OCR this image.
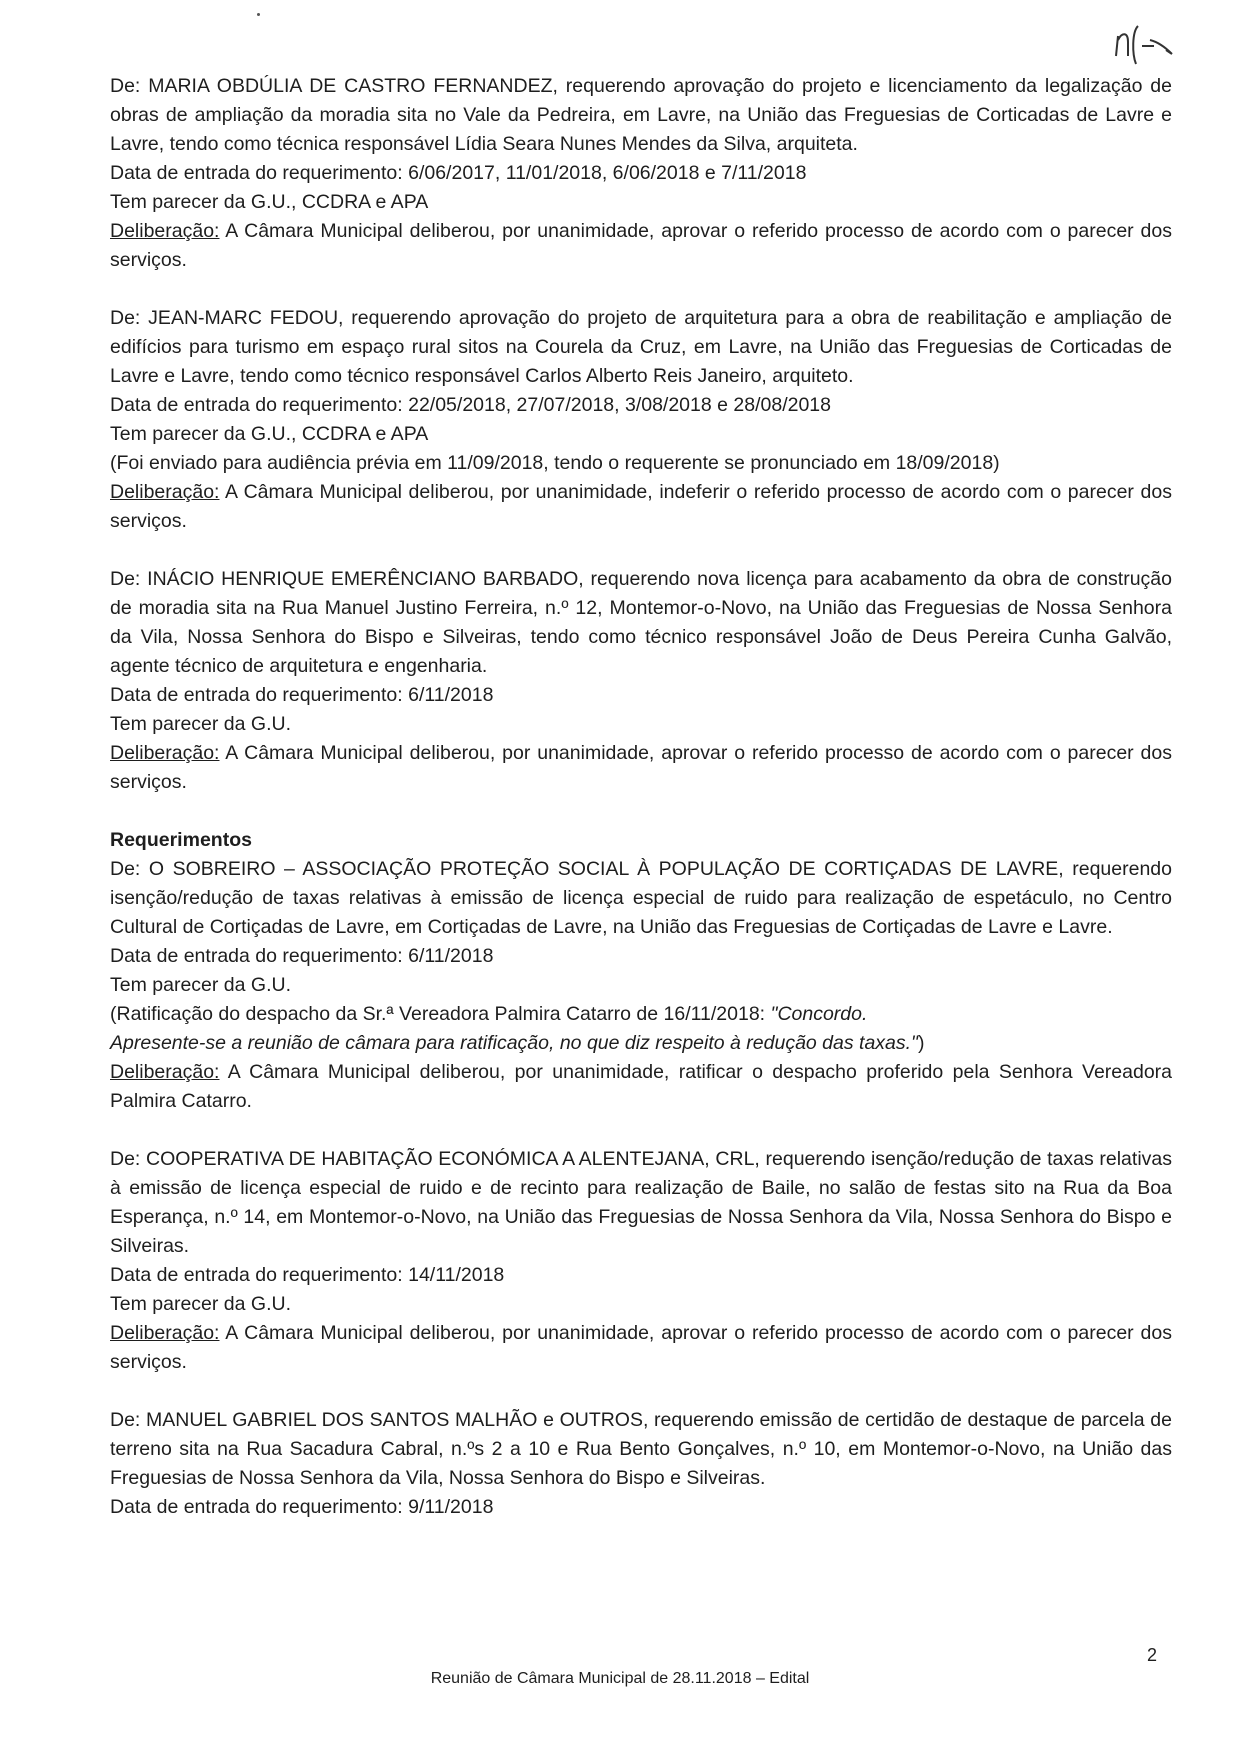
De: MARIA OBDÚLIA DE CASTRO FERNANDEZ, requerendo aprovação do projeto e licenciamento da legalização de obras de ampliação da moradia sita no Vale da Pedreira, em Lavre, na União das Freguesias de Corticadas de Lavre e Lavre, tendo como técnica responsável Lídia Seara Nunes Mendes da Silva, arquiteta.

Data de entrada do requerimento: 6/06/2017, 11/01/2018, 6/06/2018 e 7/11/2018

Tem parecer da G.U., CCDRA e APA

Deliberação: A Câmara Municipal deliberou, por unanimidade, aprovar o referido processo de acordo com o parecer dos serviços.

De: JEAN-MARC FEDOU, requerendo aprovação do projeto de arquitetura para a obra de reabilitação e ampliação de edifícios para turismo em espaço rural sitos na Courela da Cruz, em Lavre, na União das Freguesias de Corticadas de Lavre e Lavre, tendo como técnico responsável Carlos Alberto Reis Janeiro, arquiteto.

Data de entrada do requerimento: 22/05/2018, 27/07/2018, 3/08/2018 e 28/08/2018

Tem parecer da G.U., CCDRA e APA

(Foi enviado para audiência prévia em 11/09/2018, tendo o requerente se pronunciado em 18/09/2018)

Deliberação: A Câmara Municipal deliberou, por unanimidade, indeferir o referido processo de acordo com o parecer dos serviços.

De: INÁCIO HENRIQUE EMERÊNCIANO BARBADO, requerendo nova licença para acabamento da obra de construção de moradia sita na Rua Manuel Justino Ferreira, n.º 12, Montemor-o-Novo, na União das Freguesias de Nossa Senhora da Vila, Nossa Senhora do Bispo e Silveiras, tendo como técnico responsável João de Deus Pereira Cunha Galvão, agente técnico de arquitetura e engenharia.

Data de entrada do requerimento: 6/11/2018

Tem parecer da G.U.

Deliberação: A Câmara Municipal deliberou, por unanimidade, aprovar o referido processo de acordo com o parecer dos serviços.

Requerimentos

De: O SOBREIRO – ASSOCIAÇÃO PROTEÇÃO SOCIAL À POPULAÇÃO DE CORTIÇADAS DE LAVRE, requerendo isenção/redução de taxas relativas à emissão de licença especial de ruido para realização de espetáculo, no Centro Cultural de Cortiçadas de Lavre, em Cortiçadas de Lavre, na União das Freguesias de Cortiçadas de Lavre e Lavre.

Data de entrada do requerimento: 6/11/2018

Tem parecer da G.U.

(Ratificação do despacho da Sr.ª Vereadora Palmira Catarro de 16/11/2018: "Concordo.
Apresente-se a reunião de câmara para ratificação, no que diz respeito à redução das taxas.")

Deliberação: A Câmara Municipal deliberou, por unanimidade, ratificar o despacho proferido pela Senhora Vereadora Palmira Catarro.

De: COOPERATIVA DE HABITAÇÃO ECONÓMICA A ALENTEJANA, CRL, requerendo isenção/redução de taxas relativas à emissão de licença especial de ruido e de recinto para realização de Baile, no salão de festas sito na Rua da Boa Esperança, n.º 14, em Montemor-o-Novo, na União das Freguesias de Nossa Senhora da Vila, Nossa Senhora do Bispo e Silveiras.

Data de entrada do requerimento: 14/11/2018

Tem parecer da G.U.

Deliberação: A Câmara Municipal deliberou, por unanimidade, aprovar o referido processo de acordo com o parecer dos serviços.

De: MANUEL GABRIEL DOS SANTOS MALHÃO e OUTROS, requerendo emissão de certidão de destaque de parcela de terreno sita na Rua Sacadura Cabral, n.ºs 2 a 10 e Rua Bento Gonçalves, n.º 10, em Montemor-o-Novo, na União das Freguesias de Nossa Senhora da Vila, Nossa Senhora do Bispo e Silveiras.

Data de entrada do requerimento: 9/11/2018

2
Reunião de Câmara Municipal de 28.11.2018 – Edital
